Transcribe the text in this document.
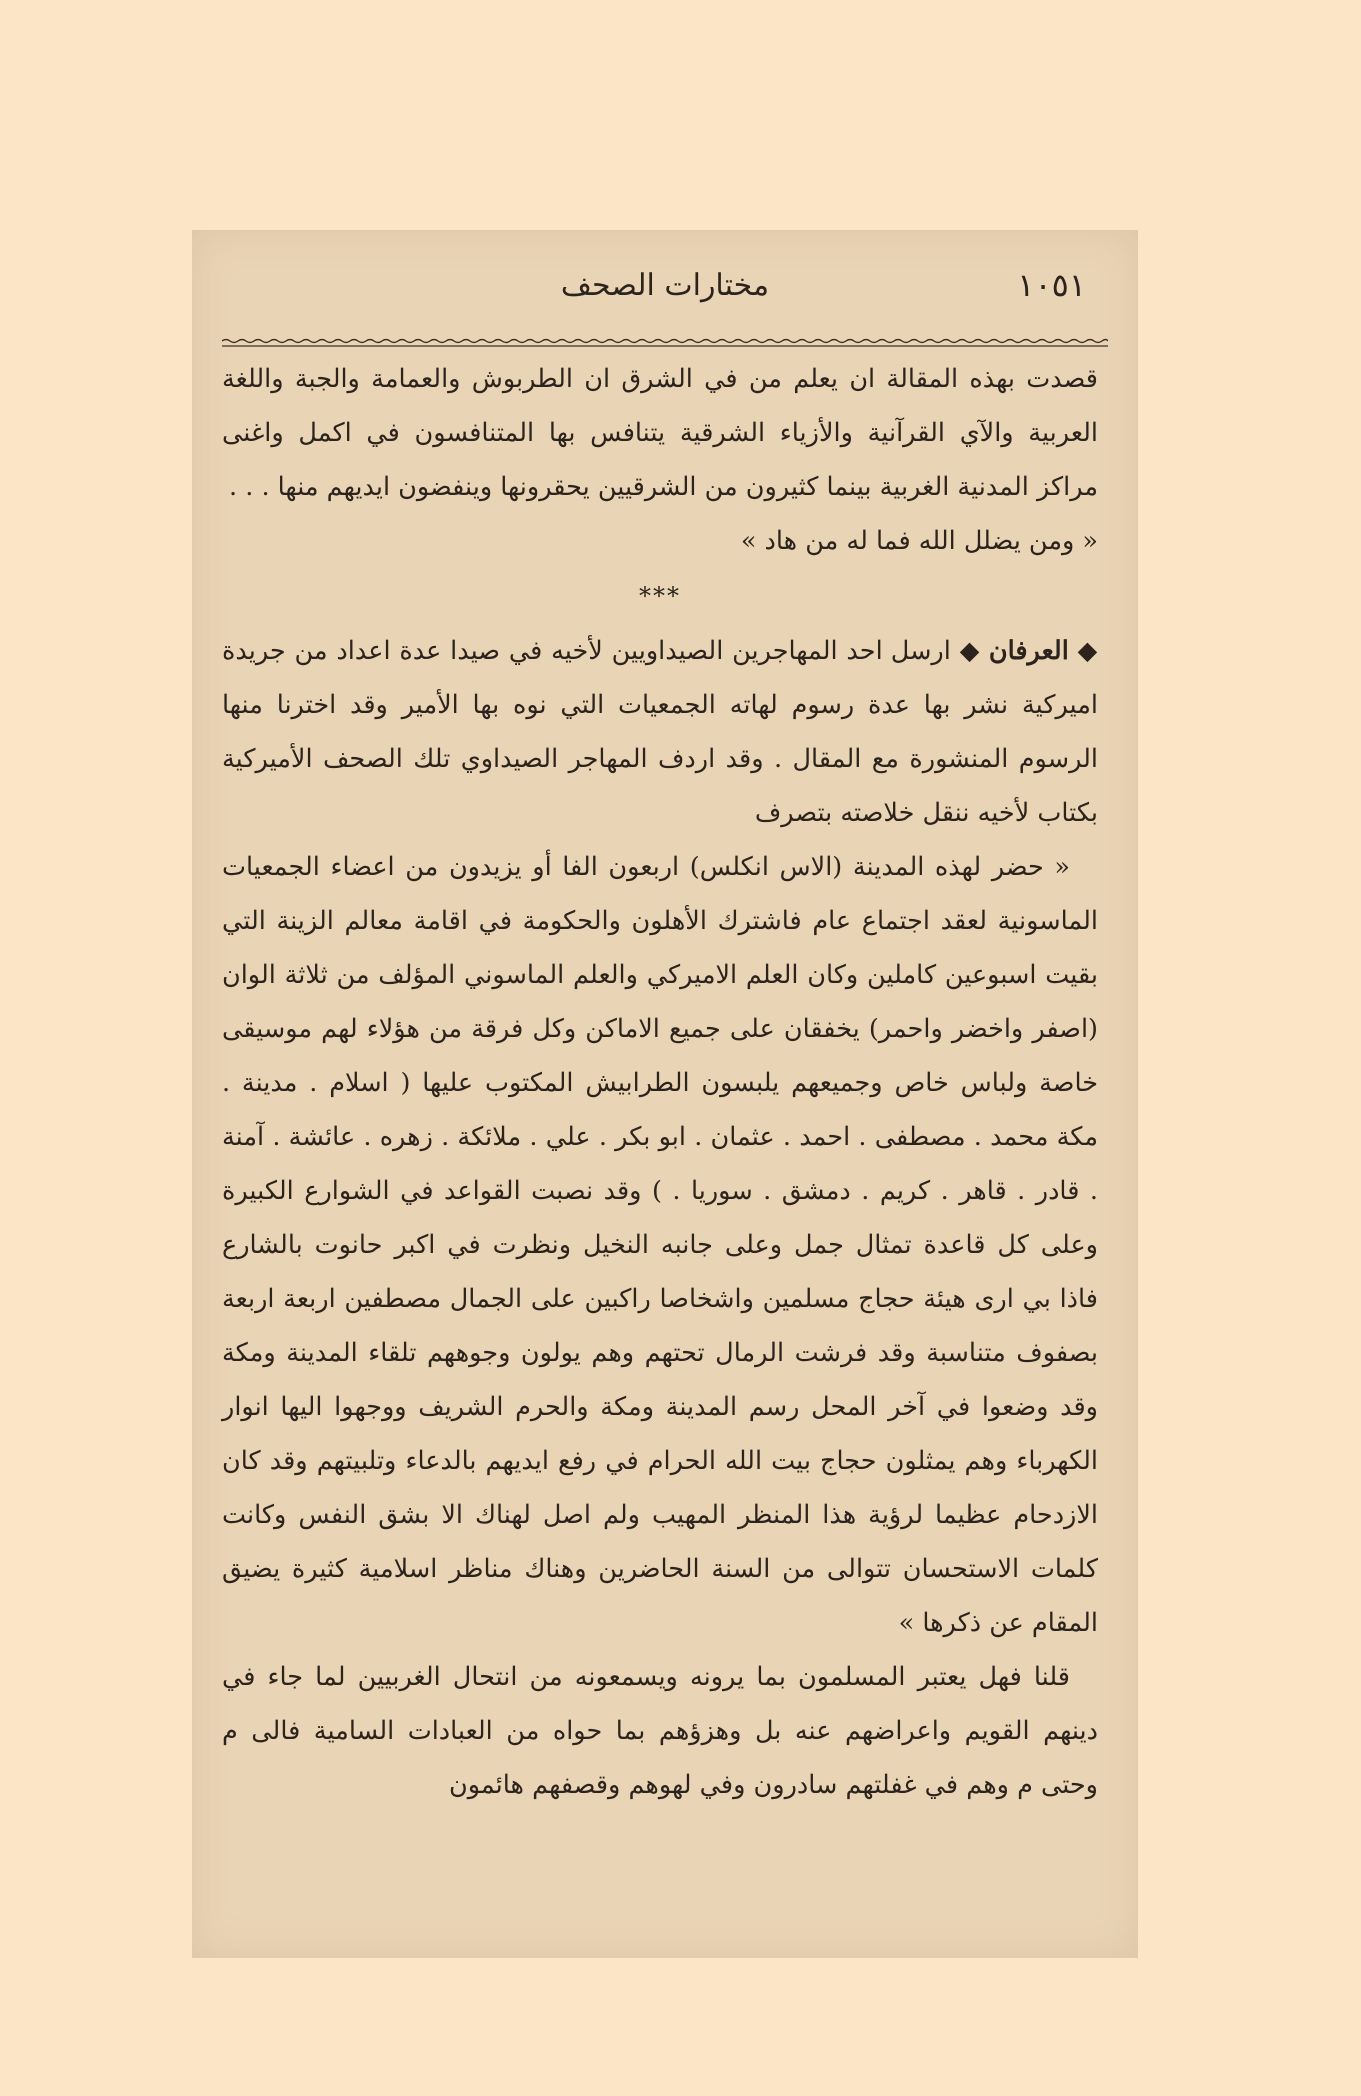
١٠٥١
مختارات الصحف

قصدت بهذه المقالة ان يعلم من في الشرق ان الطربوش والعمامة والجبة واللغة العربية والآي القرآنية والأزياء الشرقية يتنافس بها المتنافسون في اكمل واغنى مراكز المدنية الغربية بينما كثيرون من الشرقيين يحقرونها وينفضون ايديهم منها . . .

« ومن يضلل الله فما له من هاد »

***

◆ العرفان ◆ ارسل احد المهاجرين الصيداويين لأخيه في صيدا عدة اعداد من جريدة اميركية نشر بها عدة رسوم لهاته الجمعيات التي نوه بها الأمير وقد اخترنا منها الرسوم المنشورة مع المقال . وقد اردف المهاجر الصيداوي تلك الصحف الأميركية بكتاب لأخيه ننقل خلاصته بتصرف

« حضر لهذه المدينة (الاس انكلس) اربعون الفا أو يزيدون من اعضاء الجمعيات الماسونية لعقد اجتماع عام فاشترك الأهلون والحكومة في اقامة معالم الزينة التي بقيت اسبوعين كاملين وكان العلم الاميركي والعلم الماسوني المؤلف من ثلاثة الوان (اصفر واخضر واحمر) يخفقان على جميع الاماكن وكل فرقة من هؤلاء لهم موسيقى خاصة ولباس خاص وجميعهم يلبسون الطرابيش المكتوب عليها ( اسلام . مدينة . مكة محمد . مصطفى . احمد . عثمان . ابو بكر . علي . ملائكة . زهره . عائشة . آمنة . قادر . قاهر . كريم . دمشق . سوريا . ) وقد نصبت القواعد في الشوارع الكبيرة وعلى كل قاعدة تمثال جمل وعلى جانبه النخيل ونظرت في اكبر حانوت بالشارع فاذا بي ارى هيئة حجاج مسلمين واشخاصا راكبين على الجمال مصطفين اربعة اربعة بصفوف متناسبة وقد فرشت الرمال تحتهم وهم يولون وجوههم تلقاء المدينة ومكة وقد وضعوا في آخر المحل رسم المدينة ومكة والحرم الشريف ووجهوا اليها انوار الكهرباء وهم يمثلون حجاج بيت الله الحرام في رفع ايديهم بالدعاء وتلبيتهم وقد كان الازدحام عظيما لرؤية هذا المنظر المهيب ولم اصل لهناك الا بشق النفس وكانت كلمات الاستحسان تتوالى من السنة الحاضرين وهناك مناظر اسلامية كثيرة يضيق المقام عن ذكرها »

قلنا فهل يعتبر المسلمون بما يرونه ويسمعونه من انتحال الغربيين لما جاء في دينهم القويم واعراضهم عنه بل وهزؤهم بما حواه من العبادات السامية فالى م وحتى م وهم في غفلتهم سادرون وفي لهوهم وقصفهم هائمون
